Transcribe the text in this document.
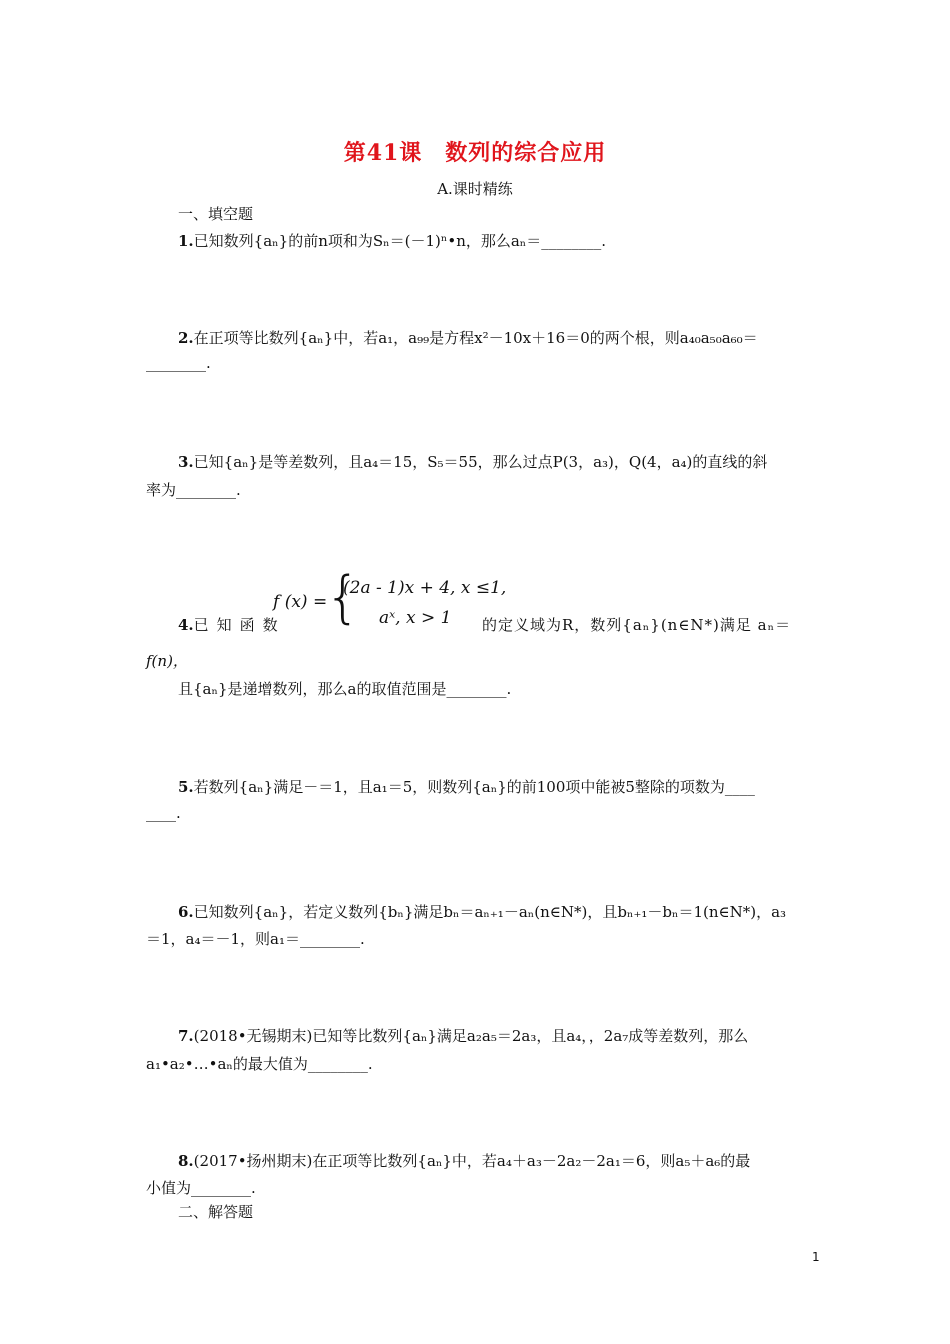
第41课　数列的综合应用
A.课时精练
一、填空题
1.已知数列{aₙ}的前n项和为Sₙ＝(－1)ⁿ•n，那么aₙ＝________.
2.在正项等比数列{aₙ}中，若a₁，a₉₉是方程x²－10x＋16＝0的两个根，则a₄₀a₅₀a₆₀＝
________.
3.已知{aₙ}是等差数列，且a₄＝15，S₅＝55，那么过点P(3，a₃)，Q(4，a₄)的直线的斜
率为________.
f (x) =
{
(2a - 1)x + 4, x ≤1,
aˣ, x > 1
4.已知函数	的定义域为R，数列{aₙ}(n∈N*)满足 aₙ＝
f(n)，
且{aₙ}是递增数列，那么a的取值范围是________.
5.若数列{aₙ}满足－＝1，且a₁＝5，则数列{aₙ}的前100项中能被5整除的项数为____
____.
6.已知数列{aₙ}，若定义数列{bₙ}满足bₙ＝aₙ₊₁－aₙ(n∈N*)，且bₙ₊₁－bₙ＝1(n∈N*)，a₃
＝1，a₄＝－1，则a₁＝________.
7.(2018•无锡期末)已知等比数列{aₙ}满足a₂a₅＝2a₃，且a₄，，2a₇成等差数列，那么
a₁•a₂•…•aₙ的最大值为________.
8.(2017•扬州期末)在正项等比数列{aₙ}中，若a₄＋a₃－2a₂－2a₁＝6，则a₅＋a₆的最
小值为________.
二、解答题
1
